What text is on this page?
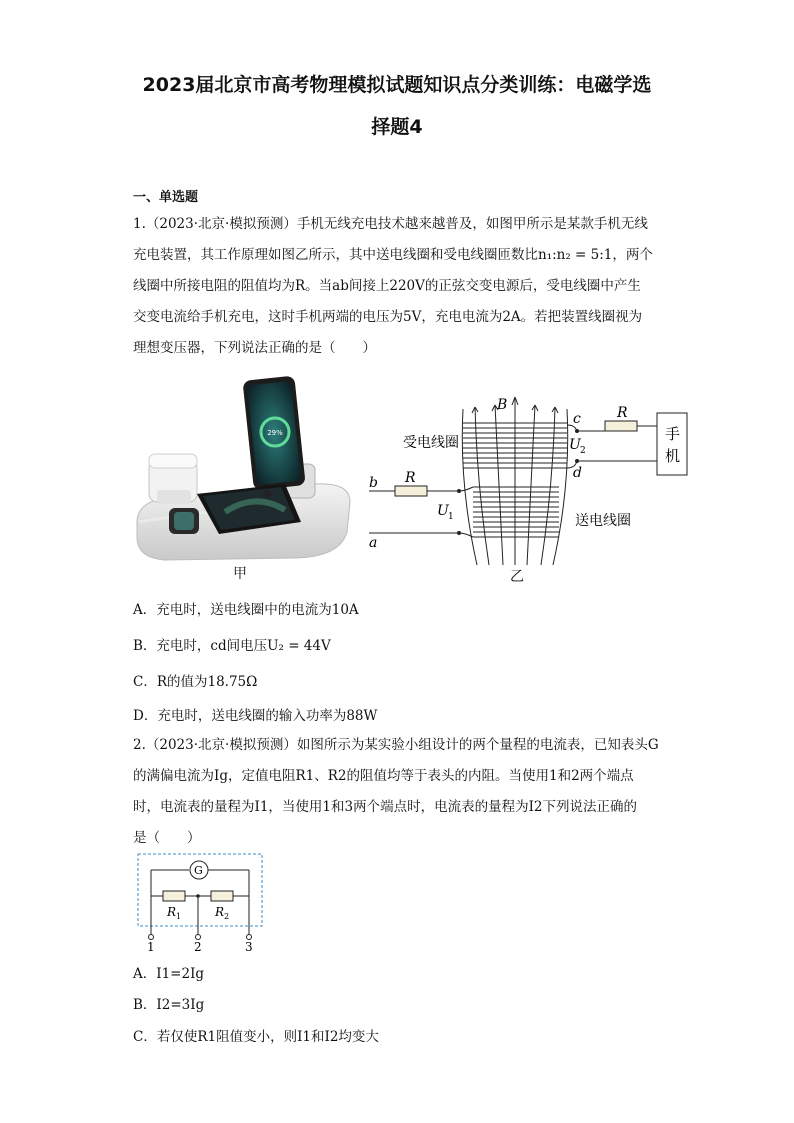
2023届北京市高考物理模拟试题知识点分类训练：电磁学选
择题4
一、单选题
1.（2023·北京·模拟预测）手机无线充电技术越来越普及，如图甲所示是某款手机无线
充电装置，其工作原理如图乙所示，其中送电线圈和受电线圈匝数比n₁:n₂ = 5:1，两个
线圈中所接电阻的阻值均为R。当ab间接上220V的正弦交变电源后，受电线圈中产生
交变电流给手机充电，这时手机两端的电压为5V，充电电流为2A。若把装置线圈视为
理想变压器，下列说法正确的是（　　）
29%
甲
B
c
d
R
U 2
手
机
受电线圈
送电线圈
b
a
R
U 1
乙
A．充电时，送电线圈中的电流为10A
B．充电时，cd间电压U₂ = 44V
C．R的值为18.75Ω
D．充电时，送电线圈的输入功率为88W
2.（2023·北京·模拟预测）如图所示为某实验小组设计的两个量程的电流表，已知表头G
的满偏电流为Ig，定值电阻R1、R2的阻值均等于表头的内阻。当使用1和2两个端点
时，电流表的量程为I1，当使用1和3两个端点时，电流表的量程为I2下列说法正确的
是（　　）
G
R 1	R 2
1	2	3
A．I1=2Ig
B．I2=3Ig
C．若仅使R1阻值变小，则I1和I2均变大
